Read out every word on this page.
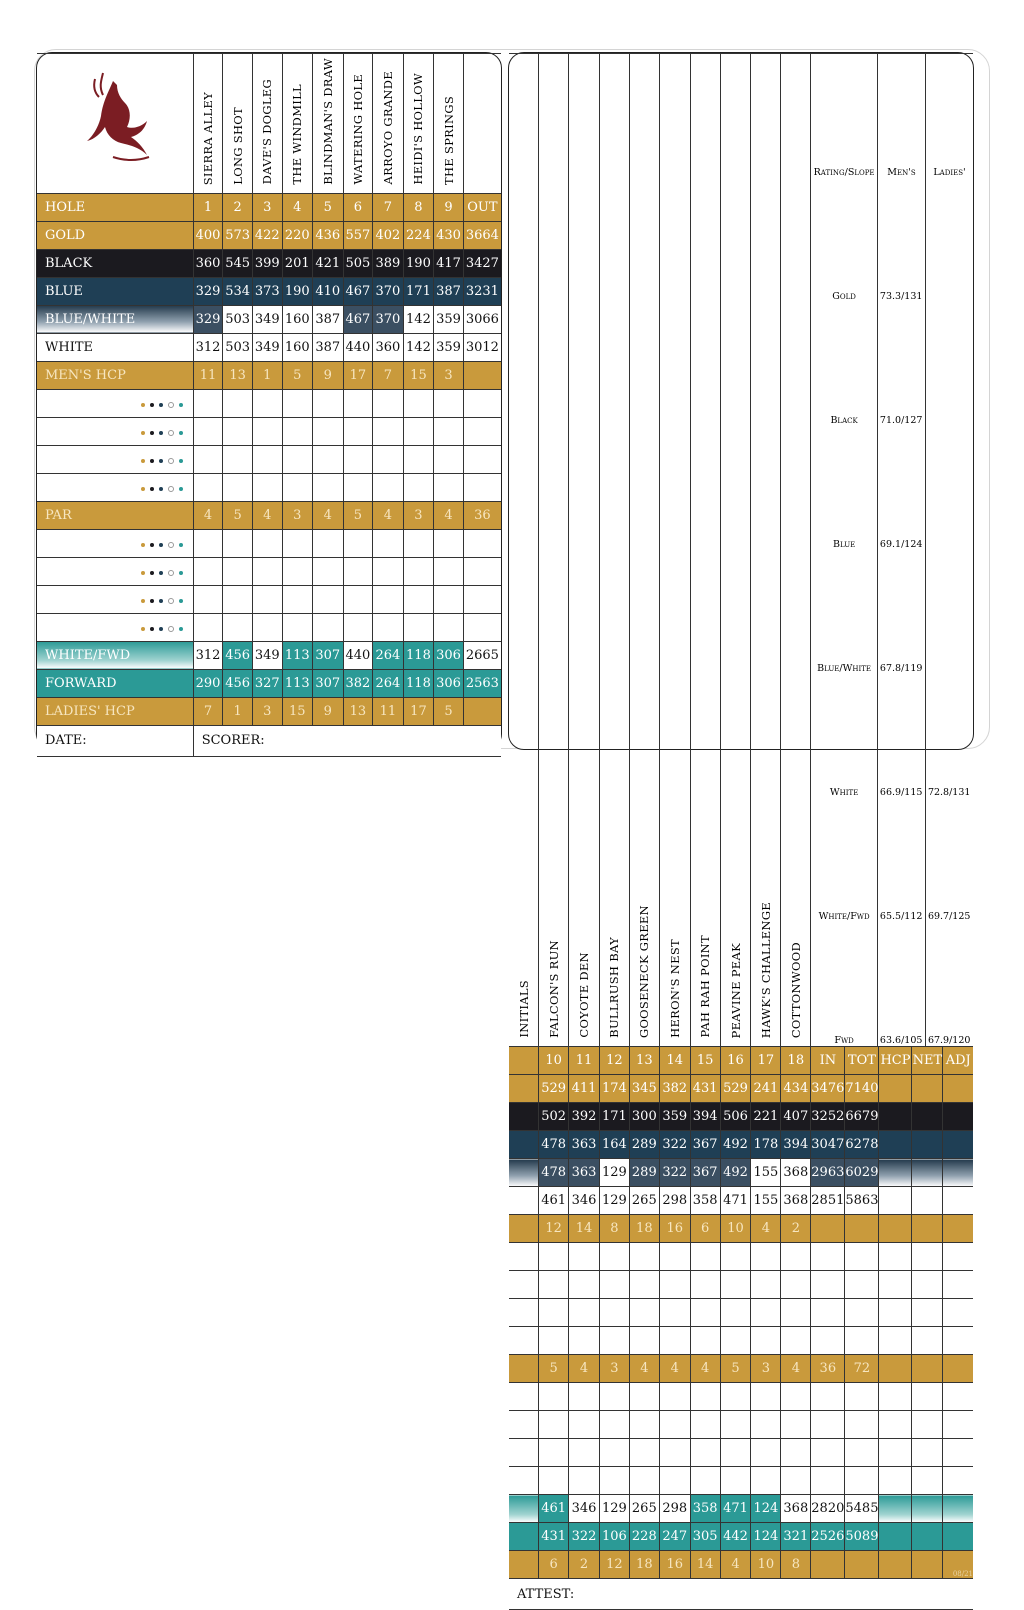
	SIERRA ALLEY	LONG SHOT	DAVE'S DOGLEG	THE WINDMILL	BLINDMAN'S DRAW	WATERING HOLE	ARROYO GRANDE	HEIDI'S HOLLOW	THE SPRINGS	
HOLE	1	2	3	4	5	6	7	8	9	OUT
GOLD	400	573	422	220	436	557	402	224	430	3664
BLACK	360	545	399	201	421	505	389	190	417	3427
BLUE	329	534	373	190	410	467	370	171	387	3231
BLUE/WHITE	329	503	349	160	387	467	370	142	359	3066
WHITE	312	503	349	160	387	440	360	142	359	3012
MEN'S HCP	11	13	1	5	9	17	7	15	3	

PAR	4	5	4	3	4	5	4	3	4	36

WHITE/FWD	312	456	349	113	307	440	264	118	306	2665
FORWARD	290	456	327	113	307	382	264	118	306	2563
LADIES' HCP	7	1	3	15	9	13	11	17	5	
DATE:	SCORER:									
INITIALS	FALCON'S RUN	COYOTE DEN	BULLRUSH BAY	GOOSENECK GREEN	HERON'S NEST	PAH RAH POINT	PEAVINE PEAK	HAWK'S CHALLENGE	COTTONWOOD	
Rating/Slope	Men's	Ladies'
Gold	73.3/131	
Black	71.0/127	
Blue	69.1/124	
Blue/White	67.8/119	
White	66.9/115	72.8/131
White/Fwd	65.5/112	69.7/125
Fwd	63.6/105	67.9/120

	10	11	12	13	14	15	16	17	18	IN	TOT	HCP	NET	ADJ
	529	411	174	345	382	431	529	241	434	3476	7140			
	502	392	171	300	359	394	506	221	407	3252	6679			
	478	363	164	289	322	367	492	178	394	3047	6278			
	478	363	129	289	322	367	492	155	368	2963	6029			
	461	346	129	265	298	358	471	155	368	2851	5863			
	12	14	8	18	16	6	10	4	2					

	5	4	3	4	4	4	5	3	4	36	72			

	461	346	129	265	298	358	471	124	368	2820	5485			
	431	322	106	228	247	305	442	124	321	2526	5089			
	6	2	12	18	16	14	4	10	8					08/21
ATTEST:
